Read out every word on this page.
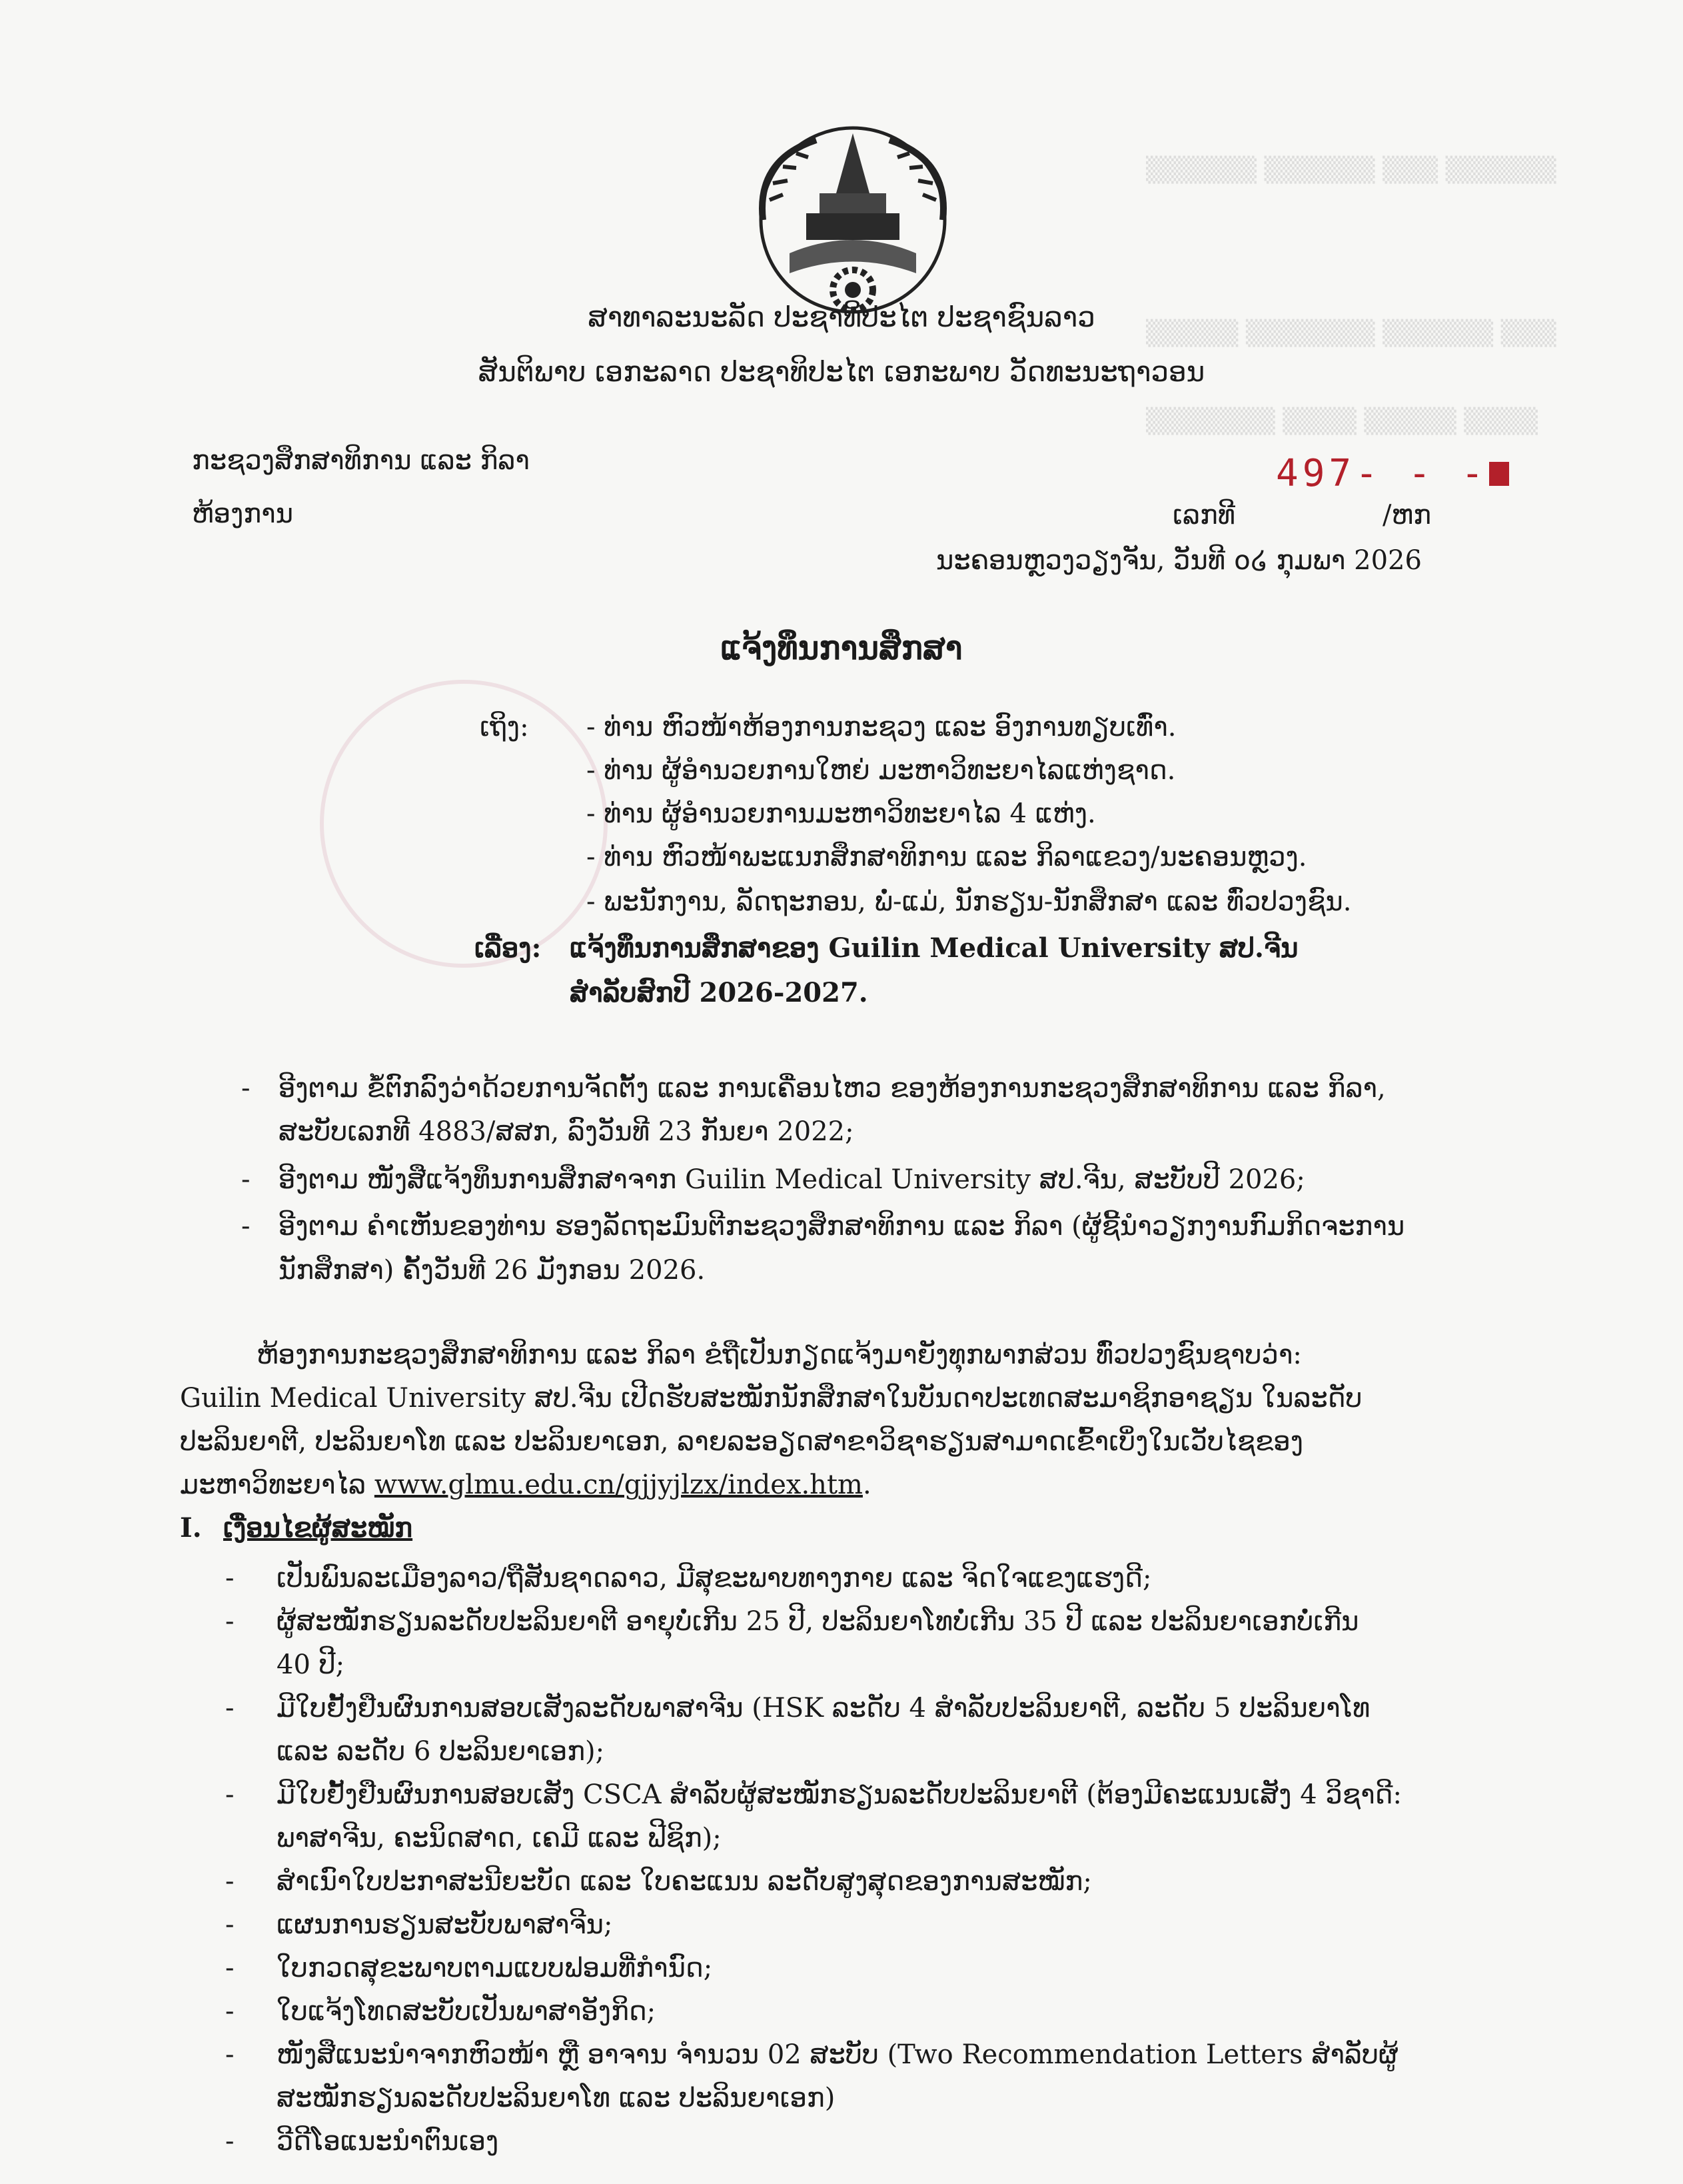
▒▒▒▒▒▒ ▒▒▒▒▒▒ ▒▒▒ ▒▒▒▒▒▒
▒▒▒▒▒ ▒▒▒▒▒▒▒ ▒▒▒▒▒▒ ▒▒▒
▒▒▒▒▒▒▒ ▒▒▒▒ ▒▒▒▒▒ ▒▒▒▒
ສາທາລະນະລັດ ປະຊາທິປະໄຕ ປະຊາຊົນລາວ
ສັນຕິພາບ ເອກະລາດ ປະຊາທິປະໄຕ ເອກະພາບ ວັດທະນະຖາວອນ
ກະຊວງສຶກສາທິການ ແລະ ກິລາ
ຫ້ອງການ
497- - -
ເລກທີ	/ຫກ
ນະຄອນຫຼວງວຽງຈັນ, ວັນທີ ໐໒ ກຸມພາ 2026
ແຈ້ງທຶນການສຶກສາ
ເຖິງ: - ທ່ານ ຫົວໜ້າຫ້ອງການກະຊວງ ແລະ ອົງການທຽບເທົ່າ.
- ທ່ານ ຜູ້ອໍານວຍການໃຫຍ່ ມະຫາວິທະຍາໄລແຫ່ງຊາດ.
- ທ່ານ ຜູ້ອໍານວຍການມະຫາວິທະຍາໄລ 4 ແຫ່ງ.
- ທ່ານ ຫົວໜ້າພະແນກສຶກສາທິການ ແລະ ກິລາແຂວງ/ນະຄອນຫຼວງ.
- ພະນັກງານ, ລັດຖະກອນ, ພໍ່-ແມ່, ນັກຮຽນ-ນັກສຶກສາ ແລະ ທົ່ວປວງຊົນ.
ເລື່ອງ: ແຈ້ງທຶນການສຶກສາຂອງ Guilin Medical University ສປ.ຈີນ
ສໍາລັບສົກປີ 2026-2027.
- ອີງຕາມ ຂໍ້ຕົກລົງວ່າດ້ວຍການຈັດຕັ້ງ ແລະ ການເຄື່ອນໄຫວ ຂອງຫ້ອງການກະຊວງສຶກສາທິການ ແລະ ກິລາ,
ສະບັບເລກທີ 4883/ສສກ, ລົງວັນທີ 23 ກັນຍາ 2022;
- ອີງຕາມ ໜັງສືແຈ້ງທຶນການສຶກສາຈາກ Guilin Medical University ສປ.ຈີນ, ສະບັບປີ 2026;
- ອີງຕາມ ຄໍາເຫັນຂອງທ່ານ ຮອງລັດຖະມົນຕີກະຊວງສຶກສາທິການ ແລະ ກິລາ (ຜູ້ຊີ້ນໍາວຽກງານກົມກິດຈະການ
ນັກສຶກສາ) ຄັ້ງວັນທີ 26 ມັງກອນ 2026.
ຫ້ອງການກະຊວງສຶກສາທິການ ແລະ ກິລາ ຂໍຖືເປັນກຽດແຈ້ງມາຍັງທຸກພາກສ່ວນ ທົ່ວປວງຊົນຊາບວ່າ:
Guilin Medical University ສປ.ຈີນ ເປີດຮັບສະໝັກນັກສຶກສາໃນບັນດາປະເທດສະມາຊິກອາຊຽນ ໃນລະດັບ
ປະລິນຍາຕີ, ປະລິນຍາໂທ ແລະ ປະລິນຍາເອກ, ລາຍລະອຽດສາຂາວິຊາຮຽນສາມາດເຂົ້າເບິ່ງໃນເວັບໄຊຂອງ
ມະຫາວິທະຍາໄລ www.glmu.edu.cn/gjjyjlzx/index.htm.
I. ເງື່ອນໄຂຜູ້ສະໝັກ
- ເປັນພົນລະເມືອງລາວ/ຖືສັນຊາດລາວ, ມີສຸຂະພາບທາງກາຍ ແລະ ຈິດໃຈແຂງແຮງດີ;
- ຜູ້ສະໝັກຮຽນລະດັບປະລິນຍາຕີ ອາຍຸບໍ່ເກີນ 25 ປີ, ປະລິນຍາໂທບໍ່ເກີນ 35 ປີ ແລະ ປະລິນຍາເອກບໍ່ເກີນ
40 ປີ;
- ມີໃບຢັ້ງຢືນຜົນການສອບເສັງລະດັບພາສາຈີນ (HSK ລະດັບ 4 ສໍາລັບປະລິນຍາຕີ, ລະດັບ 5 ປະລິນຍາໂທ
ແລະ ລະດັບ 6 ປະລິນຍາເອກ);
- ມີໃບຢັ້ງຢືນຜົນການສອບເສັງ CSCA ສໍາລັບຜູ້ສະໝັກຮຽນລະດັບປະລິນຍາຕີ (ຕ້ອງມີຄະແນນເສັງ 4 ວິຊາດີ:
ພາສາຈີນ, ຄະນິດສາດ, ເຄມີ ແລະ ຟີຊິກ);
- ສໍາເນົາໃບປະກາສະນີຍະບັດ ແລະ ໃບຄະແນນ ລະດັບສູງສຸດຂອງການສະໝັກ;
- ແຜນການຮຽນສະບັບພາສາຈີນ;
- ໃບກວດສຸຂະພາບຕາມແບບຟອມທີ່ກໍານົດ;
- ໃບແຈ້ງໂທດສະບັບເປັນພາສາອັງກິດ;
- ໜັງສືແນະນໍາຈາກຫົວໜ້າ ຫຼື ອາຈານ ຈໍານວນ 02 ສະບັບ (Two Recommendation Letters ສໍາລັບຜູ້
ສະໝັກຮຽນລະດັບປະລິນຍາໂທ ແລະ ປະລິນຍາເອກ)
- ວີດີໂອແນະນໍາຕົນເອງ
